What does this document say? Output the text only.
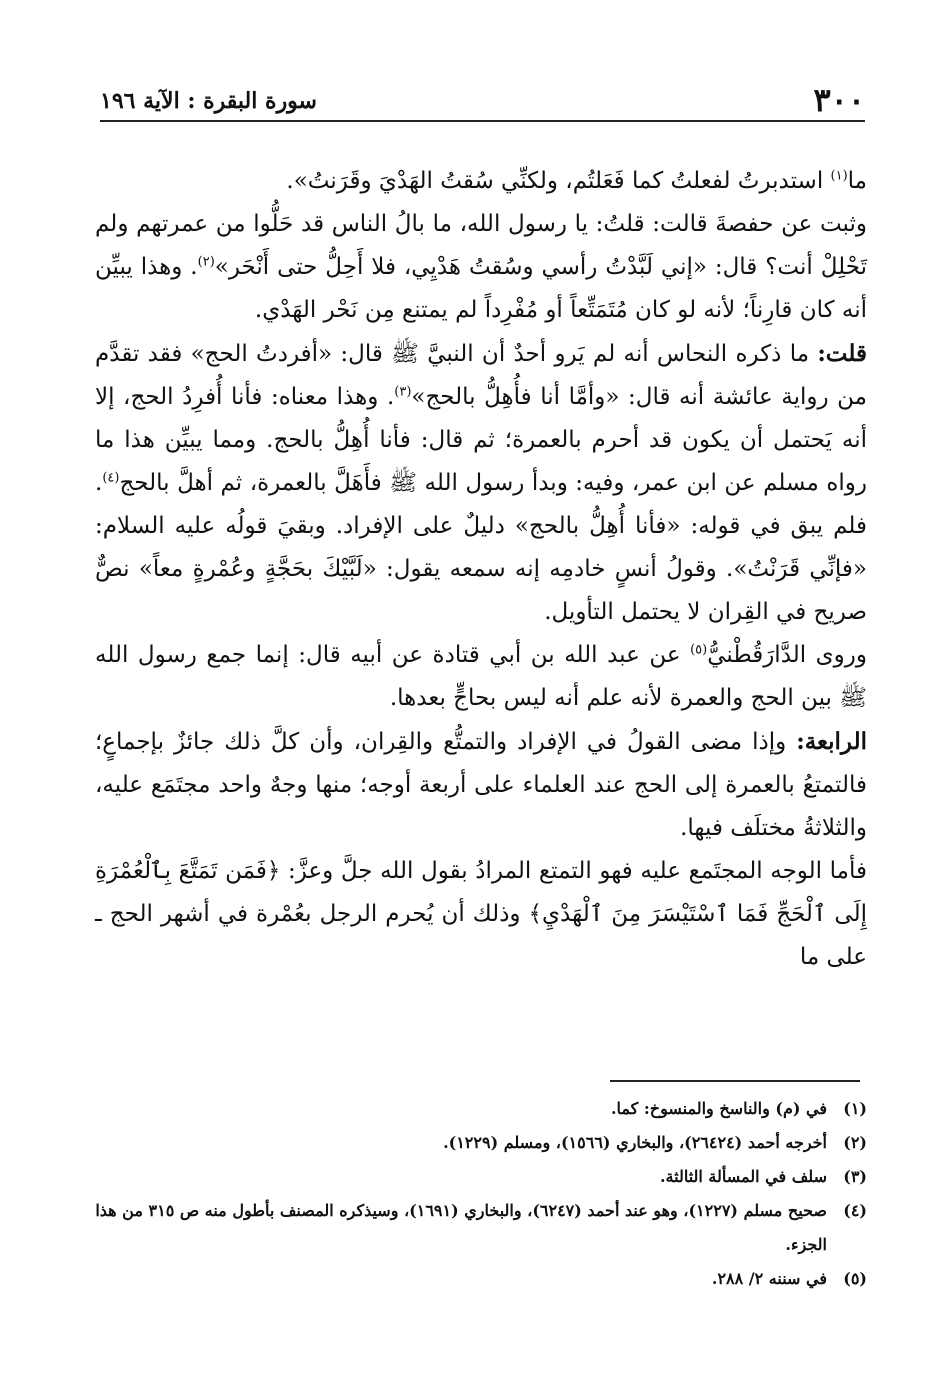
٣٠٠
سورة البقرة : الآية ١٩٦

ما$^{(١)}$ استدبرتُ لفعلتُ كما فَعَلتُم، ولكنِّي سُقتُ الهَدْيَ وقَرَنتُ».

وثبت عن حفصةَ قالت: قلتُ: يا رسول الله، ما بالُ الناس قد حَلُّوا من عمرتهم ولم تَحْلِلْ أنت؟ قال: «إني لَبَّدْتُ رأسي وسُقتُ هَدْيِي، فلا أَحِلُّ حتى أَنْحَر»$^{(٢)}$. وهذا يبيِّن أنه كان قارِناً؛ لأنه لو كان مُتَمَتِّعاً أو مُفْرِداً لم يمتنع مِن نَحْر الهَدْي.

قلت: ما ذكره النحاس أنه لم يَرو أحدٌ أن النبيَّ ﷺ قال: «أفردتُ الحج» فقد تقدَّم من رواية عائشة أنه قال: «وأمَّا أنا فأُهِلُّ بالحج»$^{(٣)}$. وهذا معناه: فأنا أُفرِدُ الحج، إلا أنه يَحتمل أن يكون قد أحرم بالعمرة؛ ثم قال: فأنا أُهِلُّ بالحج. ومما يبيِّن هذا ما رواه مسلم عن ابن عمر، وفيه: وبدأ رسول الله ﷺ فأَهَلَّ بالعمرة، ثم أهلَّ بالحج$^{(٤)}$. فلم يبق في قوله: «فأنا أُهِلُّ بالحج» دليلٌ على الإفراد. وبقيَ قولُه عليه السلام: «فإنِّي قَرَنْتُ». وقولُ أنسٍ خادمِه إنه سمعه يقول: «لَبَّيْكَ بحَجَّةٍ وعُمْرةٍ معاً» نصٌّ صريح في القِران لا يحتمل التأويل.

وروى الدَّارَقُطْنيُّ$^{(٥)}$ عن عبد الله بن أبي قتادة عن أبيه قال: إنما جمع رسول الله ﷺ بين الحج والعمرة لأنه علم أنه ليس بحاجٍّ بعدها.

الرابعة: وإذا مضى القولُ في الإفراد والتمتُّع والقِران، وأن كلَّ ذلك جائزٌ بإجماعٍ؛ فالتمتعُ بالعمرة إلى الحج عند العلماء على أربعة أوجه؛ منها وجهٌ واحد مجتَمَع عليه، والثلاثةُ مختلَف فيها.

فأما الوجه المجتَمع عليه فهو التمتع المرادُ بقول الله جلَّ وعزَّ: ﴿فَمَن تَمَتَّعَ بِٱلْعُمْرَةِ إِلَى ٱلْحَجِّ فَمَا ٱسْتَيْسَرَ مِنَ ٱلْهَدْيِ﴾ وذلك أن يُحرم الرجل بعُمْرة في أشهر الحج ـ على ما

(١)
في (م) والناسخ والمنسوخ: كما.
(٢)
أخرجه أحمد (٢٦٤٢٤)، والبخاري (١٥٦٦)، ومسلم (١٢٢٩).
(٣)
سلف في المسألة الثالثة.
(٤)
صحيح مسلم (١٢٢٧)، وهو عند أحمد (٦٢٤٧)، والبخاري (١٦٩١)، وسيذكره المصنف بأطول منه ص ٣١٥ من هذا الجزء.
(٥)
في سننه ٢/ ٢٨٨.
